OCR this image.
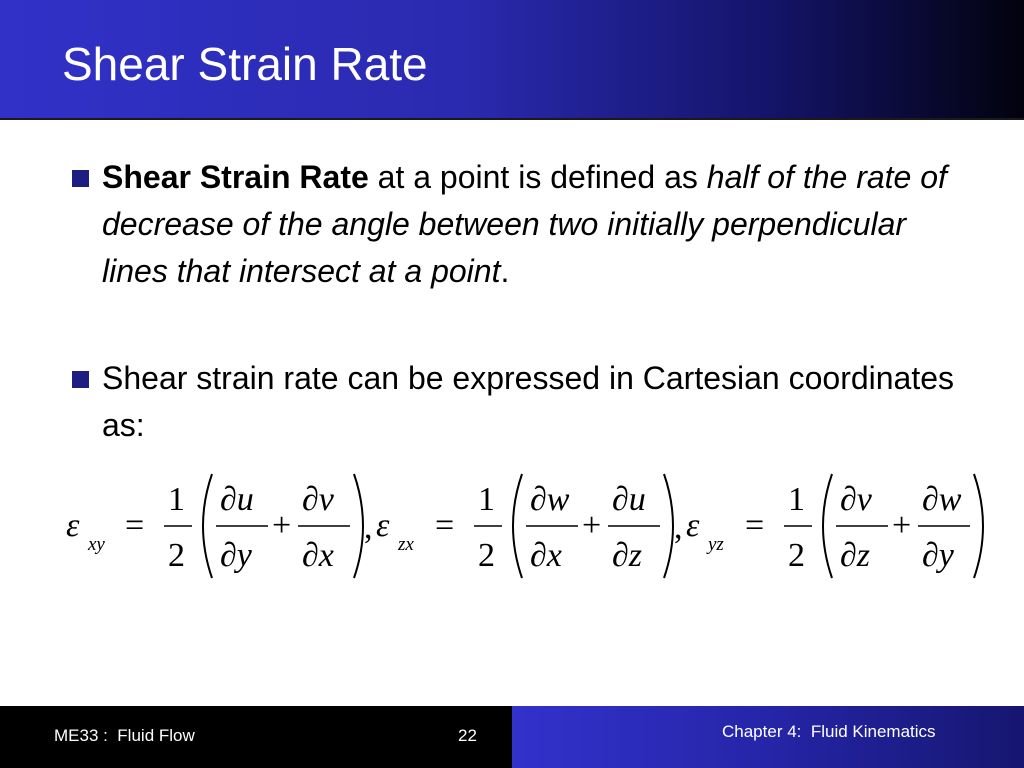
Shear Strain Rate
Shear Strain Rate at a point is defined as half of the rate of decrease of the angle between two initially perpendicular lines that intersect at a point.
Shear strain rate can be expressed in Cartesian coordinates as:
ε
xy
=
1
2
∂u
∂y
+
∂v
∂x
, ε
zx
=
1
2
∂w
∂x
+
∂u
∂z
, ε
yz
=
1
2
∂v
∂z
+
∂w
∂y
ME33 :  Fluid Flow	22	Chapter 4:  Fluid Kinematics
